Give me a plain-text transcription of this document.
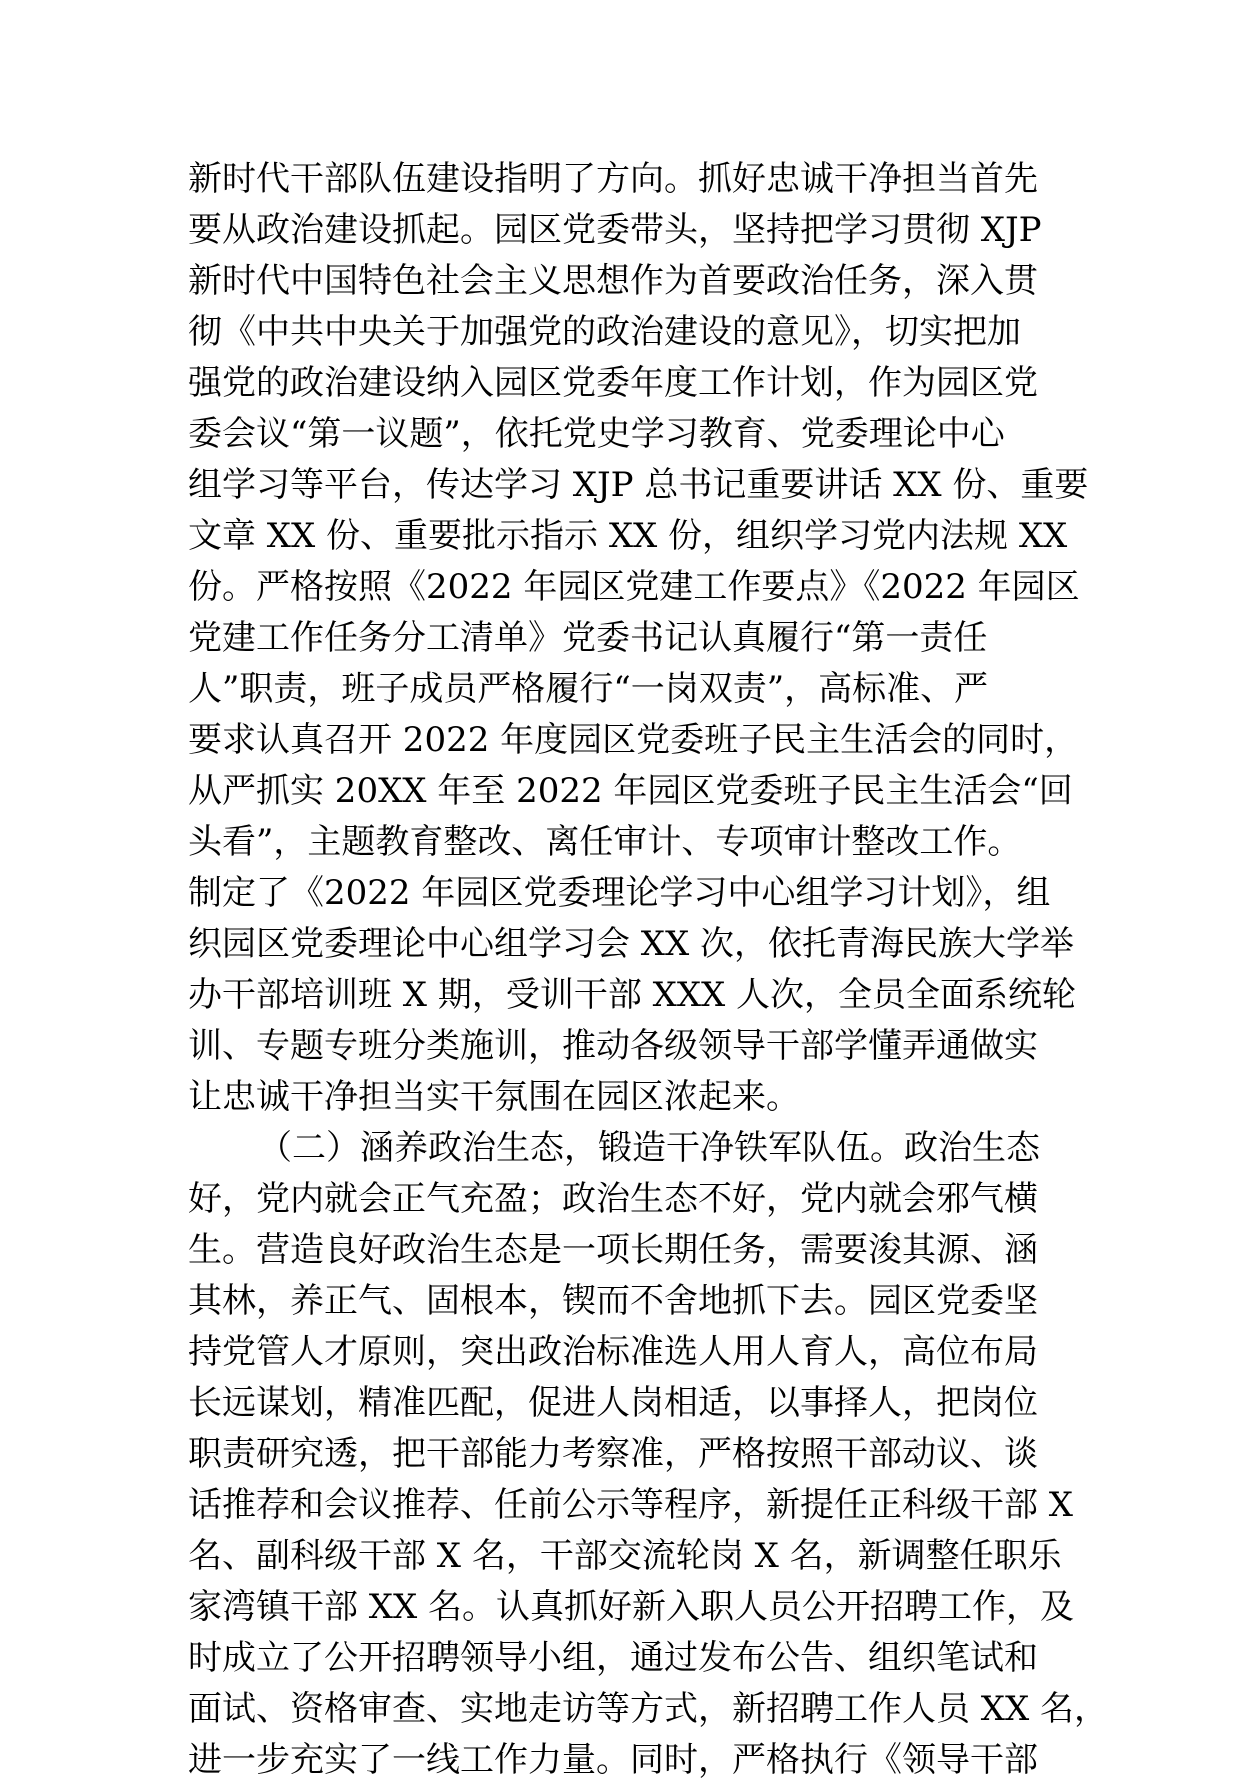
新时代干部队伍建设指明了方向。抓好忠诚干净担当首先
要从政治建设抓起。园区党委带头，坚持把学习贯彻 XJP
新时代中国特色社会主义思想作为首要政治任务，深入贯
彻《中共中央关于加强党的政治建设的意见》，切实把加
强党的政治建设纳入园区党委年度工作计划，作为园区党
委会议“第一议题”，依托党史学习教育、党委理论中心
组学习等平台，传达学习 XJP 总书记重要讲话 XX 份、重要
文章 XX 份、重要批示指示 XX 份，组织学习党内法规 XX
份。严格按照《2022 年园区党建工作要点》《2022 年园区
党建工作任务分工清单》党委书记认真履行“第一责任
人”职责，班子成员严格履行“一岗双责”，高标准、严
要求认真召开 2022 年度园区党委班子民主生活会的同时，
从严抓实 20XX 年至 2022 年园区党委班子民主生活会“回
头看”，主题教育整改、离任审计、专项审计整改工作。
制定了《2022 年园区党委理论学习中心组学习计划》，组
织园区党委理论中心组学习会 XX 次，依托青海民族大学举
办干部培训班 X 期，受训干部 XXX 人次，全员全面系统轮
训、专题专班分类施训，推动各级领导干部学懂弄通做实
让忠诚干净担当实干氛围在园区浓起来。
（二）涵养政治生态，锻造干净铁军队伍。政治生态
好，党内就会正气充盈；政治生态不好，党内就会邪气横
生。营造良好政治生态是一项长期任务，需要浚其源、涵
其林，养正气、固根本，锲而不舍地抓下去。园区党委坚
持党管人才原则，突出政治标准选人用人育人，高位布局
长远谋划，精准匹配，促进人岗相适，以事择人，把岗位
职责研究透，把干部能力考察准，严格按照干部动议、谈
话推荐和会议推荐、任前公示等程序，新提任正科级干部 X
名、副科级干部 X 名，干部交流轮岗 X 名，新调整任职乐
家湾镇干部 XX 名。认真抓好新入职人员公开招聘工作，及
时成立了公开招聘领导小组，通过发布公告、组织笔试和
面试、资格审查、实地走访等方式，新招聘工作人员 XX 名，
进一步充实了一线工作力量。同时，严格执行《领导干部
